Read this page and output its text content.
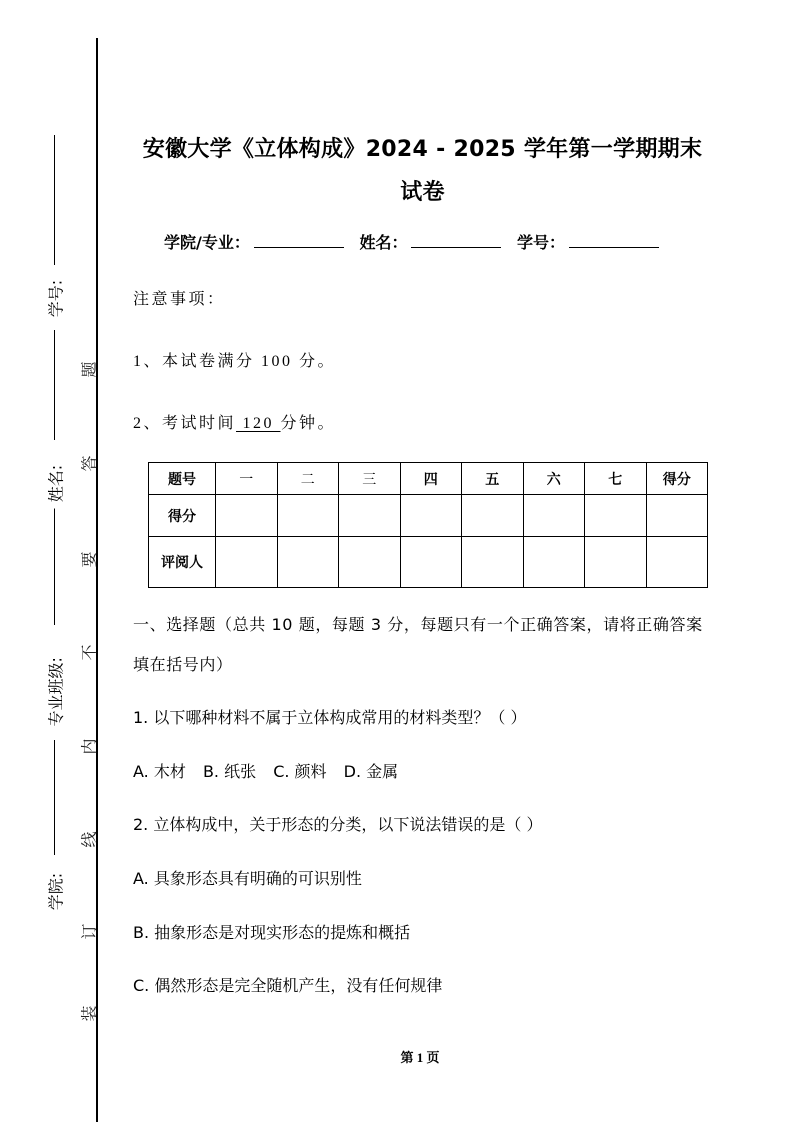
学号:
姓名:
专业班级:
学院:
题
答
要
不
内
线
订
装
安徽大学《立体构成》2024 - 2025 学年第一学期期末
试卷
学院/专业：	姓名：	学号：
注意事项：
1、本试卷满分 100 分。
2、考试时间 120 分钟。
题号	一	二	三	四	五	六	七	得分
得分								
评阅人								
一、选择题（总共 10 题，每题 3 分，每题只有一个正确答案，请将正确答案填在括号内）
1. 以下哪种材料不属于立体构成常用的材料类型？（ ）
A. 木材 B. 纸张 C. 颜料 D. 金属
2. 立体构成中，关于形态的分类，以下说法错误的是（ ）
A. 具象形态具有明确的可识别性
B. 抽象形态是对现实形态的提炼和概括
C. 偶然形态是完全随机产生，没有任何规律
第 1 页
